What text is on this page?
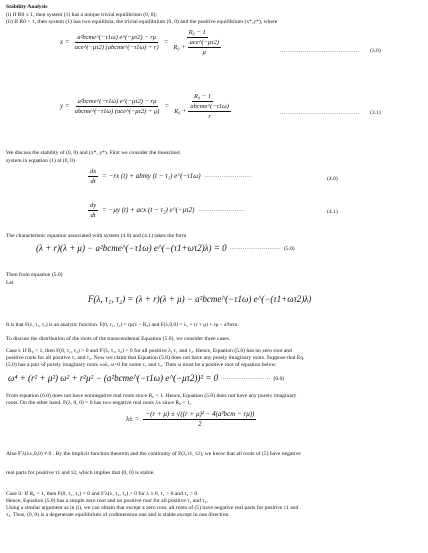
Stability Analysis
(i) If R0 ≤ 1, then system (1) has a unique trivial equilibrium (0, 0);
(ii) If R0 > 1, then system (1) has two equilibria, the trivial equilibrium (0, 0) and the positive equilibrium (x*,y*), where
$x = \frac{\text{a²bcme\textasciicircum{}(−τ1ω) e\textasciicircum{}(−μτ2) − rμ}}{\text{ace\textasciicircum{}(−μτ2) (abcme\textasciicircum{}(−τ1ω) + r)}} = \frac{\text{R₀ − 1}}{R_0 + \frac{\text{ace\textasciicircum{}(−μτ2)}}{\mu}}$	.......................................... (3.0)
$y = \frac{\text{a²bcme\textasciicircum{}(−τ1ω) e\textasciicircum{}(−μτ2) − rμ}}{\text{abcme\textasciicircum{}(−τ1ω) (ace\textasciicircum{}(−μτ2) + μ)}} = \frac{\text{R₀ − 1}}{R_0 + \frac{\text{abcme\textasciicircum{}(−τ1ω)}}{r}}$	.......................................... (3.1)
We discuss the stability of (0, 0) and (x*, y*). First we consider the linearized
system in equation (1) at (0, 0)
$\frac{dx}{dt} = -rx$ (t) + abmy (t − τ₁) e^(−τ1ω) .........................	(4.0)
$\frac{dy}{dt} = -\mu y$ (t) + acx (t − τ₂) e^(−μτ2) .........................	(4.1)
The characteristic equation associated with system (4.0) and (4.1) takes the form
(λ + r)(λ + μ) − a²bcme^(−τ1ω) e^(−(τ1+ωτ2)λ) = 0 ........................... (5.0)
Then from equation (5.0)
Let
F(λ, τ₁, τ₂) = (λ + r)(λ + μ) − a²bcme^(−τ1ω) e^(−(τ1+ωτ2)λ)
It is that F(λ, τ₁, τ₂) is an analytic function. F(0, τ₁, τ₂) = rμ(1 − R₀) and F(λ,0,0) = λ₁ + (r + μ) + rμ − a²bcm.
To discuss the distribution of the roots of the transcendental Equation (5.0), we consider three cases.
Case i: If R₀ < 1, then F(0, τ₁, τ₂) > 0 and F'(λ, τ₁, τ₂) > 0 for all positive λ, τ₁ and τ₂. Hence, Equation (5.0) has no zero root and
positive roots for all positive τ₁ and τ₂. Now we claim that Equation (5.0) does not have any purely imaginary roots. Suppose that Eq.
(5.0) has a pair of purely imaginary roots ±ωi, ω>0 for some τ₁ and τ₂. Then ω must be a positive root of equation below:
ω⁴ + (r² + μ²) ω² + r²μ² − (a²bcme^(−τ1ω) e^(−μτ2))² = 0 .......................... (6.0)
From equation (6.0) does not have nonnegative real roots since R₀ < 1. Hence, Equation (5.0) does not have any purely imaginary
roots. On the other hand, F(λ, 0, 0) = 0 has two negative real roots λ± since R₀ < 1,
$\lambda\pm = \frac{\text{−(r + μ) ± √((r + μ)² − 4(a²bcm − rμ))}}{2}$
Also F'λ(λ±,0,0) ≠ 0 . By the implicit function theorem and the continuity of F(λ,τ1, τ2), we know that all roots of (5) have negative
real parts for positive τ1 and τ2, which implies that (0, 0) is stable.
Case ii: If R₀ = 1, then F(0, τ₁, τ₂) = 0 and F'λ(λ, τ₁, τ₂) > 0 for λ ≥ 0, τ₁ > 0 and τ₂ > 0.
Hence, Equation (5.0) has a simple zero root and no positive root for all positive τ₁ and τ₂.
Using a similar argument as in (i), we can obtain that except a zero root, all roots of (5) have negative real parts for positive τ1 and
τ₂. Thus, (0, 0) is a degenerate equilibrium of codimension one and is stable except in one direction.
